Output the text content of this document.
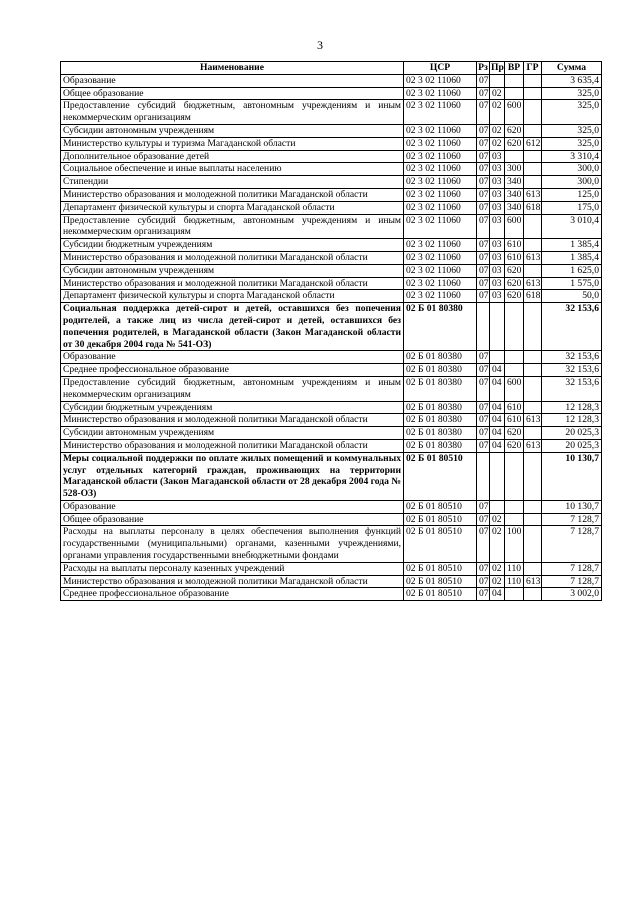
3
Наименование	ЦСР	Рз	Пр	ВР	ГР	Сумма
Образование	02 3 02 11060	07				3 635,4
Общее образование	02 3 02 11060	07	02			325,0
Предоставление субсидий бюджетным, автономным учреждениям и иным некоммерческим организациям	02 3 02 11060	07	02	600		325,0
Субсидии автономным учреждениям	02 3 02 11060	07	02	620		325,0
Министерство культуры и туризма Магаданской области	02 3 02 11060	07	02	620	612	325,0
Дополнительное образование детей	02 3 02 11060	07	03			3 310,4
Социальное обеспечение и иные выплаты населению	02 3 02 11060	07	03	300		300,0
Стипендии	02 3 02 11060	07	03	340		300,0
Министерство образования и молодежной политики Магаданской области	02 3 02 11060	07	03	340	613	125,0
Департамент физической культуры и спорта Магаданской области	02 3 02 11060	07	03	340	618	175,0
Предоставление субсидий бюджетным, автономным учреждениям и иным некоммерческим организациям	02 3 02 11060	07	03	600		3 010,4
Субсидии бюджетным учреждениям	02 3 02 11060	07	03	610		1 385,4
Министерство образования и молодежной политики Магаданской области	02 3 02 11060	07	03	610	613	1 385,4
Субсидии автономным учреждениям	02 3 02 11060	07	03	620		1 625,0
Министерство образования и молодежной политики Магаданской области	02 3 02 11060	07	03	620	613	1 575,0
Департамент физической культуры и спорта Магаданской области	02 3 02 11060	07	03	620	618	50,0
Социальная поддержка детей-сирот и детей, оставшихся без попечения родителей, а также лиц из числа детей-сирот и детей, оставшихся без попечения родителей, в Магаданской области (Закон Магаданской области от 30 декабря 2004 года № 541-ОЗ)	02 Б 01 80380					32 153,6
Образование	02 Б 01 80380	07				32 153,6
Среднее профессиональное образование	02 Б 01 80380	07	04			32 153,6
Предоставление субсидий бюджетным, автономным учреждениям и иным некоммерческим организациям	02 Б 01 80380	07	04	600		32 153,6
Субсидии бюджетным учреждениям	02 Б 01 80380	07	04	610		12 128,3
Министерство образования и молодежной политики Магаданской области	02 Б 01 80380	07	04	610	613	12 128,3
Субсидии автономным учреждениям	02 Б 01 80380	07	04	620		20 025,3
Министерство образования и молодежной политики Магаданской области	02 Б 01 80380	07	04	620	613	20 025,3
Меры социальной поддержки по оплате жилых помещений и коммунальных услуг отдельных категорий граждан, проживающих на территории Магаданской области (Закон Магаданской области от 28 декабря 2004 года № 528-ОЗ)	02 Б 01 80510					10 130,7
Образование	02 Б 01 80510	07				10 130,7
Общее образование	02 Б 01 80510	07	02			7 128,7
Расходы на выплаты персоналу в целях обеспечения выполнения функций государственными (муниципальными) органами, казенными учреждениями, органами управления государственными внебюджетными фондами	02 Б 01 80510	07	02	100		7 128,7
Расходы на выплаты персоналу казенных учреждений	02 Б 01 80510	07	02	110		7 128,7
Министерство образования и молодежной политики Магаданской области	02 Б 01 80510	07	02	110	613	7 128,7
Среднее профессиональное образование	02 Б 01 80510	07	04			3 002,0
